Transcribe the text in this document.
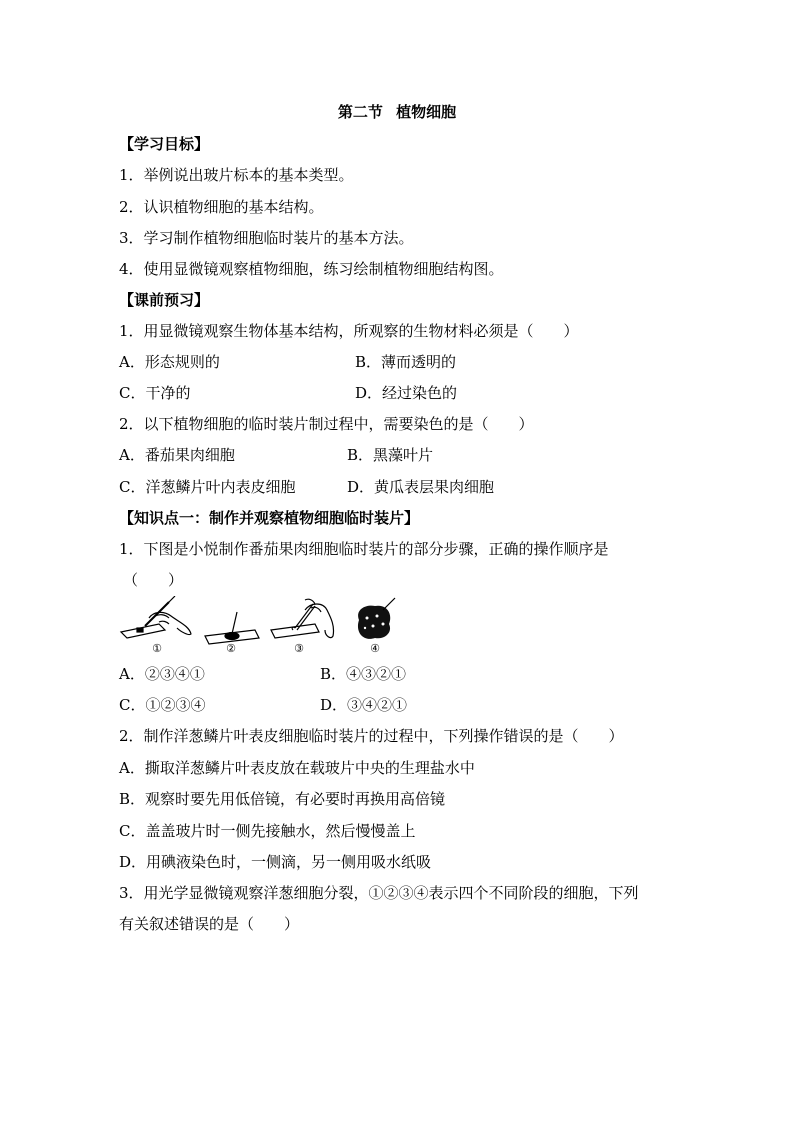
第二节 植物细胞
【学习目标】
1．举例说出玻片标本的基本类型。
2．认识植物细胞的基本结构。
3．学习制作植物细胞临时装片的基本方法。
4．使用显微镜观察植物细胞，练习绘制植物细胞结构图。
【课前预习】
1．用显微镜观察生物体基本结构，所观察的生物材料必须是（　　）
A．形态规则的	B．薄而透明的
C．干净的	D．经过染色的
2．以下植物细胞的临时装片制过程中，需要染色的是（　　）
A．番茄果肉细胞	B．黑藻叶片
C．洋葱鳞片叶内表皮细胞	D．黄瓜表层果肉细胞
【知识点一：制作并观察植物细胞临时装片】
1．下图是小悦制作番茄果肉细胞临时装片的部分步骤，正确的操作顺序是
（　　）
①	②	③	④
A．②③④①	B．④③②①
C．①②③④	D．③④②①
2．制作洋葱鳞片叶表皮细胞临时装片的过程中，下列操作错误的是（　　）
A．撕取洋葱鳞片叶表皮放在载玻片中央的生理盐水中
B．观察时要先用低倍镜，有必要时再换用高倍镜
C．盖盖玻片时一侧先接触水，然后慢慢盖上
D．用碘液染色时，一侧滴，另一侧用吸水纸吸
3．用光学显微镜观察洋葱细胞分裂，①②③④表示四个不同阶段的细胞，下列
有关叙述错误的是（　　）
